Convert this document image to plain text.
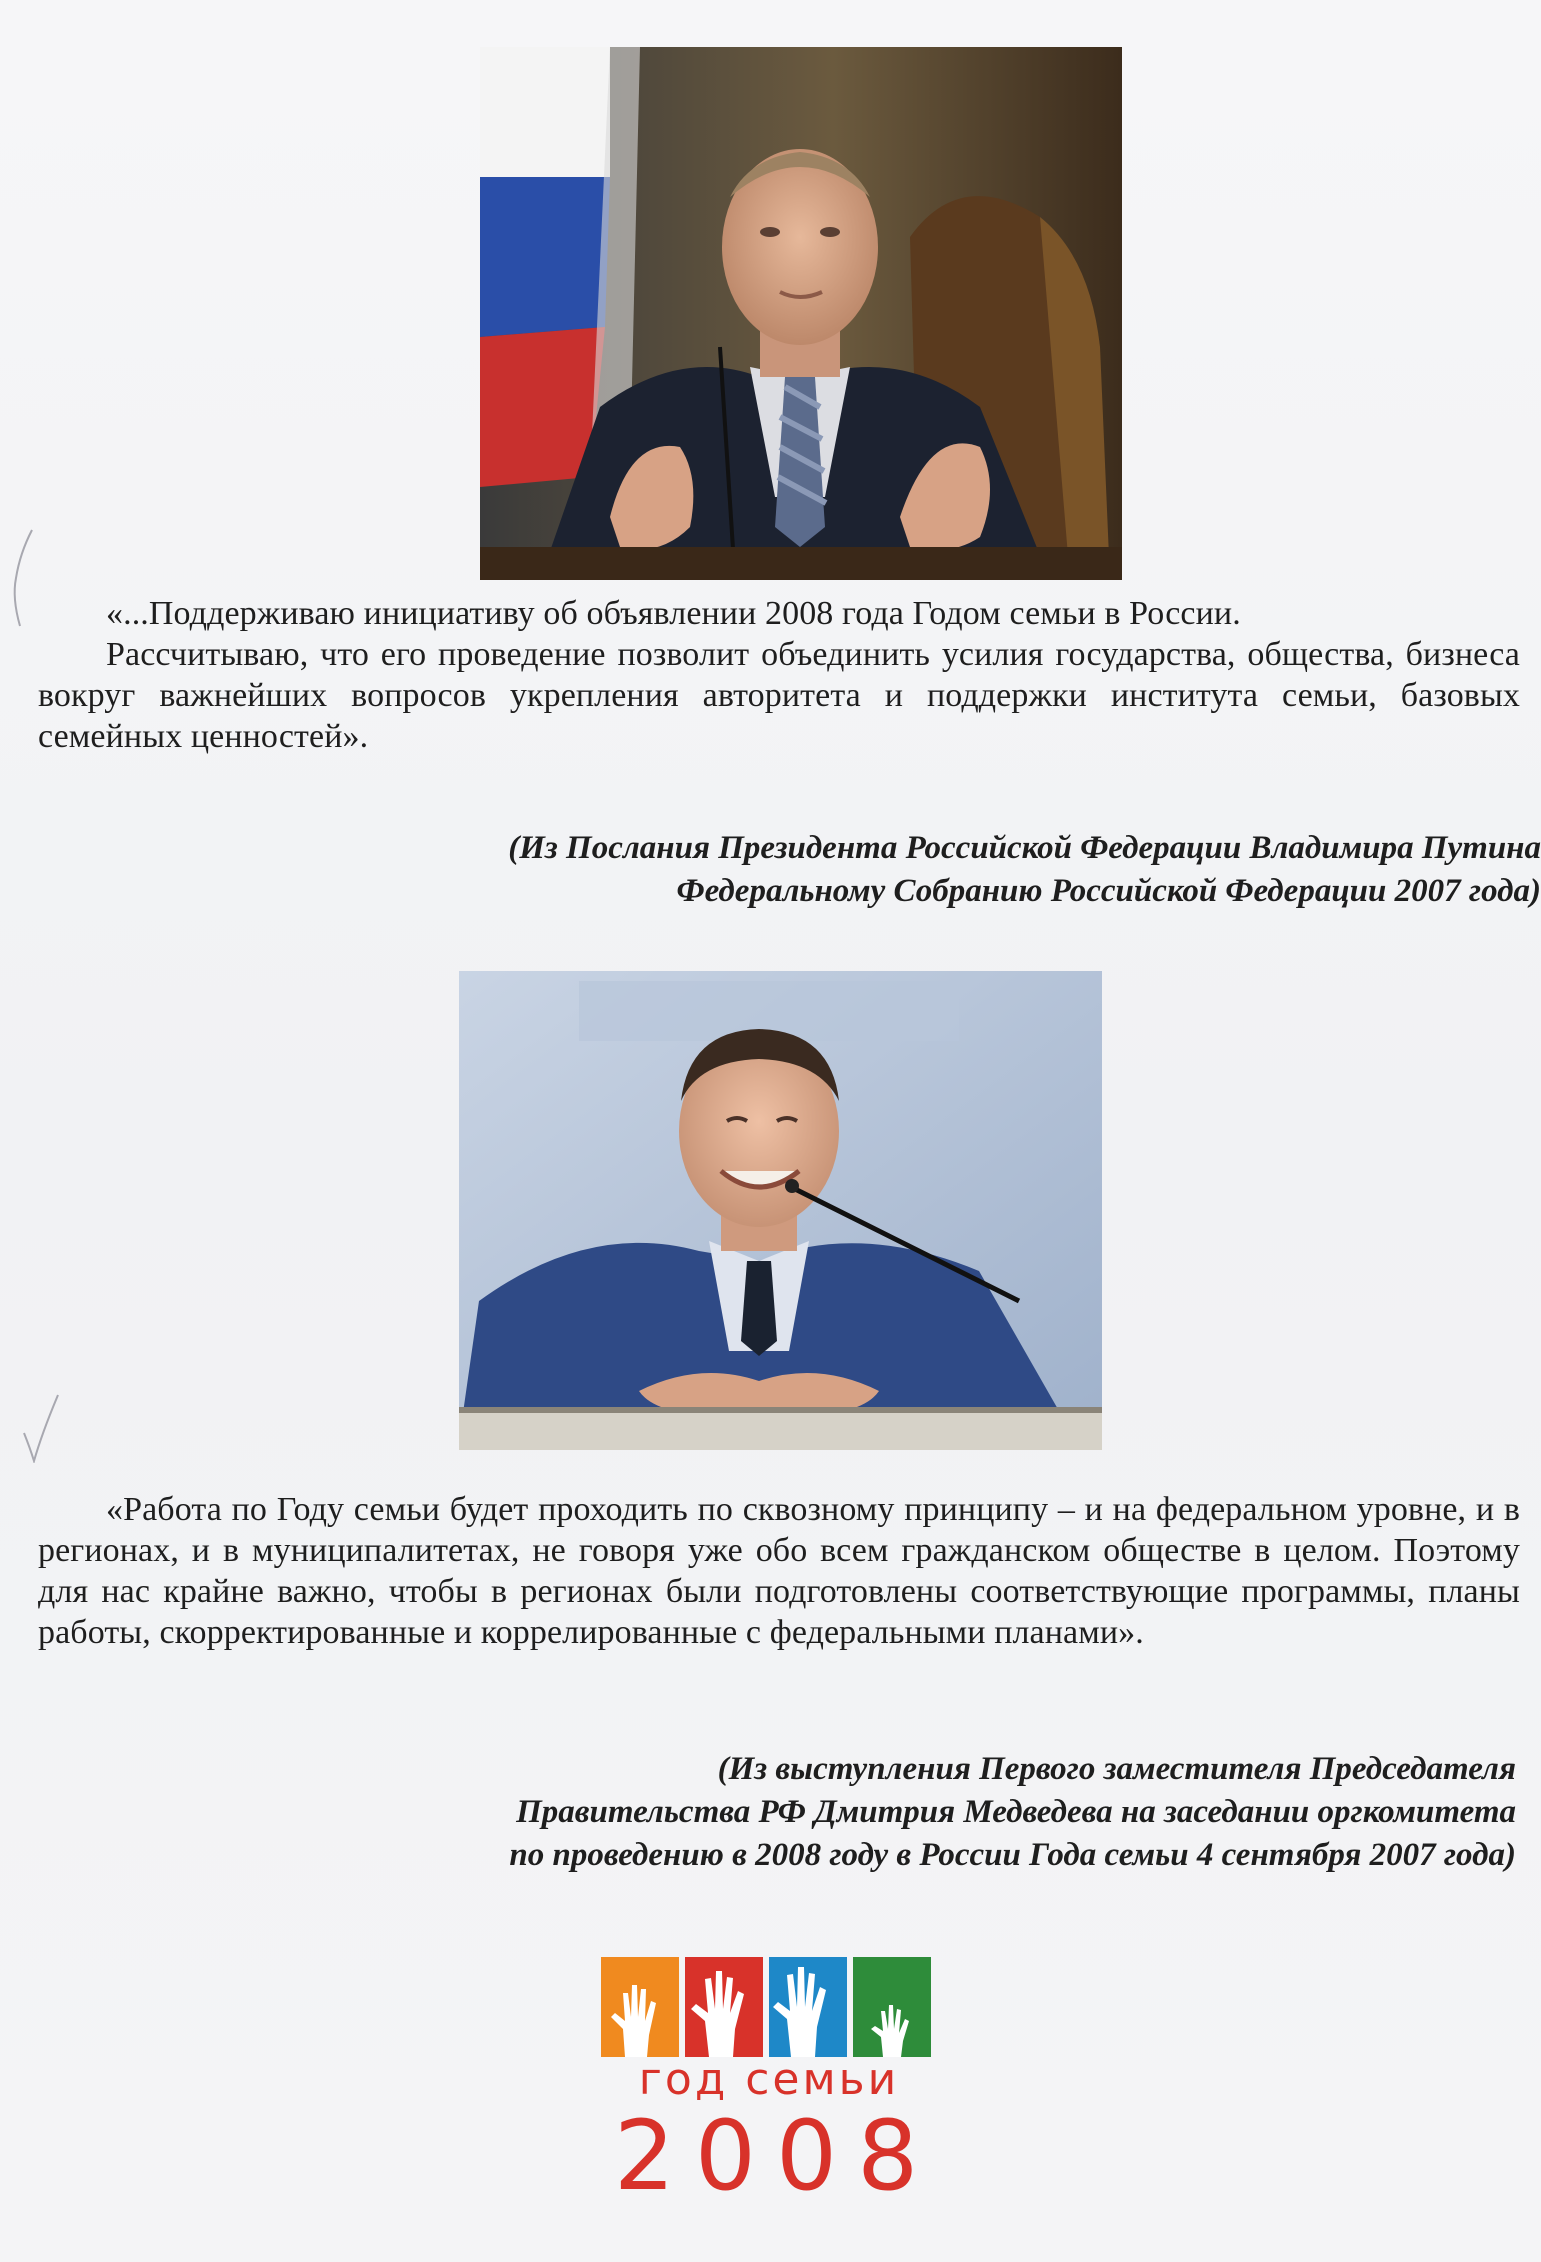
«...Поддерживаю инициативу об объявлении 2008 года Годом семьи в России.

Рассчитываю, что его проведение позволит объединить усилия государства, общества, бизнеса вокруг важнейших вопросов укрепления авторитета и поддержки института семьи, базовых семейных ценностей».

(Из Послания Президента Российской Федерации Владимира Путина
Федеральному Собранию Российской Федерации 2007 года)

«Работа по Году семьи будет проходить по сквозному принципу – и на федеральном уровне, и в регионах, и в муниципалитетах, не говоря уже обо всем гражданском обществе в целом. Поэтому для нас крайне важно, чтобы в регионах были подготовлены соответствующие программы, планы работы, скорректированные и коррелированные с федеральными планами».

(Из выступления Первого заместителя Председателя
Правительства РФ Дмитрия Медведева на заседании оргкомитета
по проведению в 2008 году в России Года семьи 4 сентября 2007 года)
год семьи
2008
